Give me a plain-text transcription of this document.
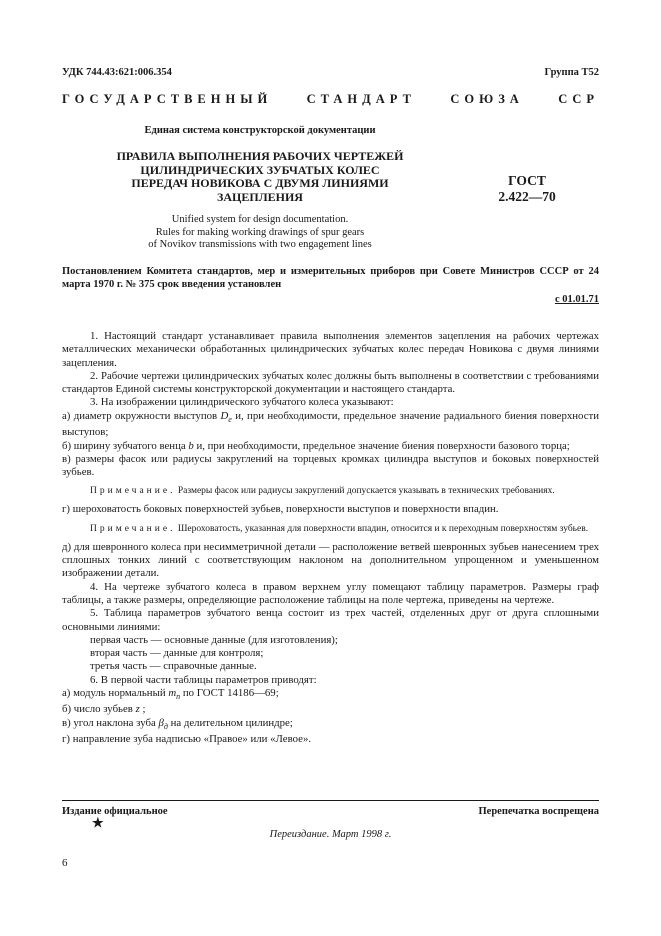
УДК 744.43:621:006.354	Группа Т52
ГОСУДАРСТВЕННЫЙ	СТАНДАРТ	СОЮЗА	ССР
Единая система конструкторской документации
ПРАВИЛА ВЫПОЛНЕНИЯ РАБОЧИХ ЧЕРТЕЖЕЙ
ЦИЛИНДРИЧЕСКИХ ЗУБЧАТЫХ КОЛЕС
ПЕРЕДАЧ НОВИКОВА С ДВУМЯ ЛИНИЯМИ
ЗАЦЕПЛЕНИЯ
ГОСТ
2.422—70
Unified system for design documentation.
Rules for making working drawings of spur gears
of Novikov transmissions with two engagement lines
Постановлением Комитета стандартов, мер и измерительных приборов при Совете Министров СССР от 24 марта 1970 г. № 375 срок введения установлен
с 01.01.71

1. Настоящий стандарт устанавливает правила выполнения элементов зацепления на рабочих чертежах металлических механически обработанных цилиндрических зубчатых колес передач Новикова с двумя линиями зацепления.

2. Рабочие чертежи цилиндрических зубчатых колес должны быть выполнены в соответствии с требованиями стандартов Единой системы конструкторской документации и настоящего стандарта.

3. На изображении цилиндрического зубчатого колеса указывают:

а) диаметр окружности выступов $D_е$ и, при необходимости, предельное значение радиального биения поверхности выступов;

б) ширину зубчатого венца b и, при необходимости, предельное значение биения поверхности базового торца;

в) размеры фасок или радиусы закруглений на торцевых кромках цилиндра выступов и боковых поверхностей зубьев.

Примечание. Размеры фасок или радиусы закруглений допускается указывать в технических требованиях.

г) шероховатость боковых поверхностей зубьев, поверхности выступов и поверхности впадин.

Примечание. Шероховатость, указанная для поверхности впадин, относится и к переходным поверхностям зубьев.

д) для шевронного колеса при несимметричной детали — расположение ветвей шевронных зубьев нанесением трех сплошных тонких линий с соответствующим наклоном на дополнительном упрощенном и уменьшенном изображении детали.

4. На чертеже зубчатого колеса в правом верхнем углу помещают таблицу параметров. Размеры граф таблицы, а также размеры, определяющие расположение таблицы на поле чертежа, приведены на чертеже.

5. Таблица параметров зубчатого венца состоит из трех частей, отделенных друг от друга сплошными основными линиями:

первая часть — основные данные (для изготовления);

вторая часть — данные для контроля;

третья часть — справочные данные.

6. В первой части таблицы параметров приводят:

а) модуль нормальный $m_n$ по ГОСТ 14186—69;

б) число зубьев z ;

в) угол наклона зуба $\beta_д$ на делительном цилиндре;

г) направление зуба надписью «Правое» или «Левое».

Издание официальное	Перепечатка воспрещена
★
Переиздание. Март 1998 г.
6
